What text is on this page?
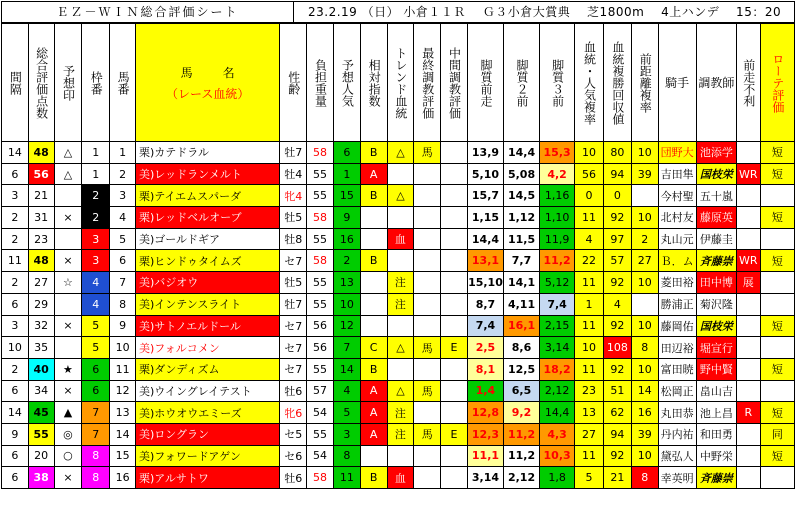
ＥＺ－ＷＩＮ総合評価シート	23.2.19 （日） 小倉１１Ｒ　 Ｇ３小倉大賞典　 芝1800m　 4上ハンデ　 15：20
間隔	総合評価点数	予想印	枠番	馬番	馬名
（レース血統）	性齢	負担重量	予想人気	相対指数	トレンド血統	最終調教評価	中間調教評価	脚質前走	脚質２前	脚質３前	血統・人気複率	血統複勝回収値	前距離複率	騎手	調教師	前走不利	ローテ評価

14	48	△	1	1	栗)カテドラル	牡7	58	6	B	△	馬		13,9	14,4	15,3	10	80	10	団野大	池添学		短
6	56	△	1	2	美)レッドランメルト	牡4	55	1	A				5,10	5,08	4,2	56	94	39	吉田隼	国枝栄	WR	短
3	21		2	3	栗)テイエムスパーダ	牝4	55	15	B	△			15,7	14,5	1,16	0	0		今村聖	五十嵐		
2	31	×	2	4	栗)レッドベルオーブ	牡5	58	9					1,15	1,12	1,10	11	92	10	北村友	藤原英		短
2	23		3	5	美)ゴールドギア	牡8	55	16		血			14,4	11,5	11,9	4	97	2	丸山元	伊藤圭		
11	48	×	3	6	栗)ヒンドゥタイムズ	セ7	58	2	B				13,1	7,7	11,2	22	57	27	Ｂ．ム	斉藤崇	WR	短
2	27	☆	4	7	美)バジオウ	牡5	55	13		注			15,10	14,1	5,12	11	92	10	菱田裕	田中博	展	
6	29		4	8	美)インテンスライト	牡7	55	10		注			8,7	4,11	7,4	1	4		勝浦正	菊沢隆		
3	32	×	5	9	美)サトノエルドール	セ7	56	12					7,4	16,1	2,15	11	92	10	藤岡佑	国枝栄		短
10	35		5	10	美)フォルコメン	セ7	56	7	C	△	馬	E	2,5	8,6	3,14	10	108	8	田辺裕	堀宣行		
2	40	★	6	11	栗)ダンディズム	セ7	55	14	B				8,1	12,5	18,2	11	92	10	富田暁	野中賢		短
6	34	×	6	12	美)ウイングレイテスト	牡6	57	4	A	△	馬		1,4	6,5	2,12	23	51	14	松岡正	畠山吉		
14	45	▲	7	13	美)ホウオウエミーズ	牝6	54	5	A	注			12,8	9,2	14,4	13	62	16	丸田恭	池上昌	R	短
9	55	◎	7	14	美)ロングラン	セ5	55	3	A	注	馬	E	12,3	11,2	4,3	27	94	39	丹内祐	和田勇		同
6	20	○	8	15	美)フォワードアゲン	セ6	54	8					11,1	11,2	10,3	11	92	10	黛弘人	中野栄		短
6	38	×	8	16	栗)アルサトワ	牡6	58	11	B	血			3,14	2,12	1,8	5	21	8	幸英明	斉藤崇		
